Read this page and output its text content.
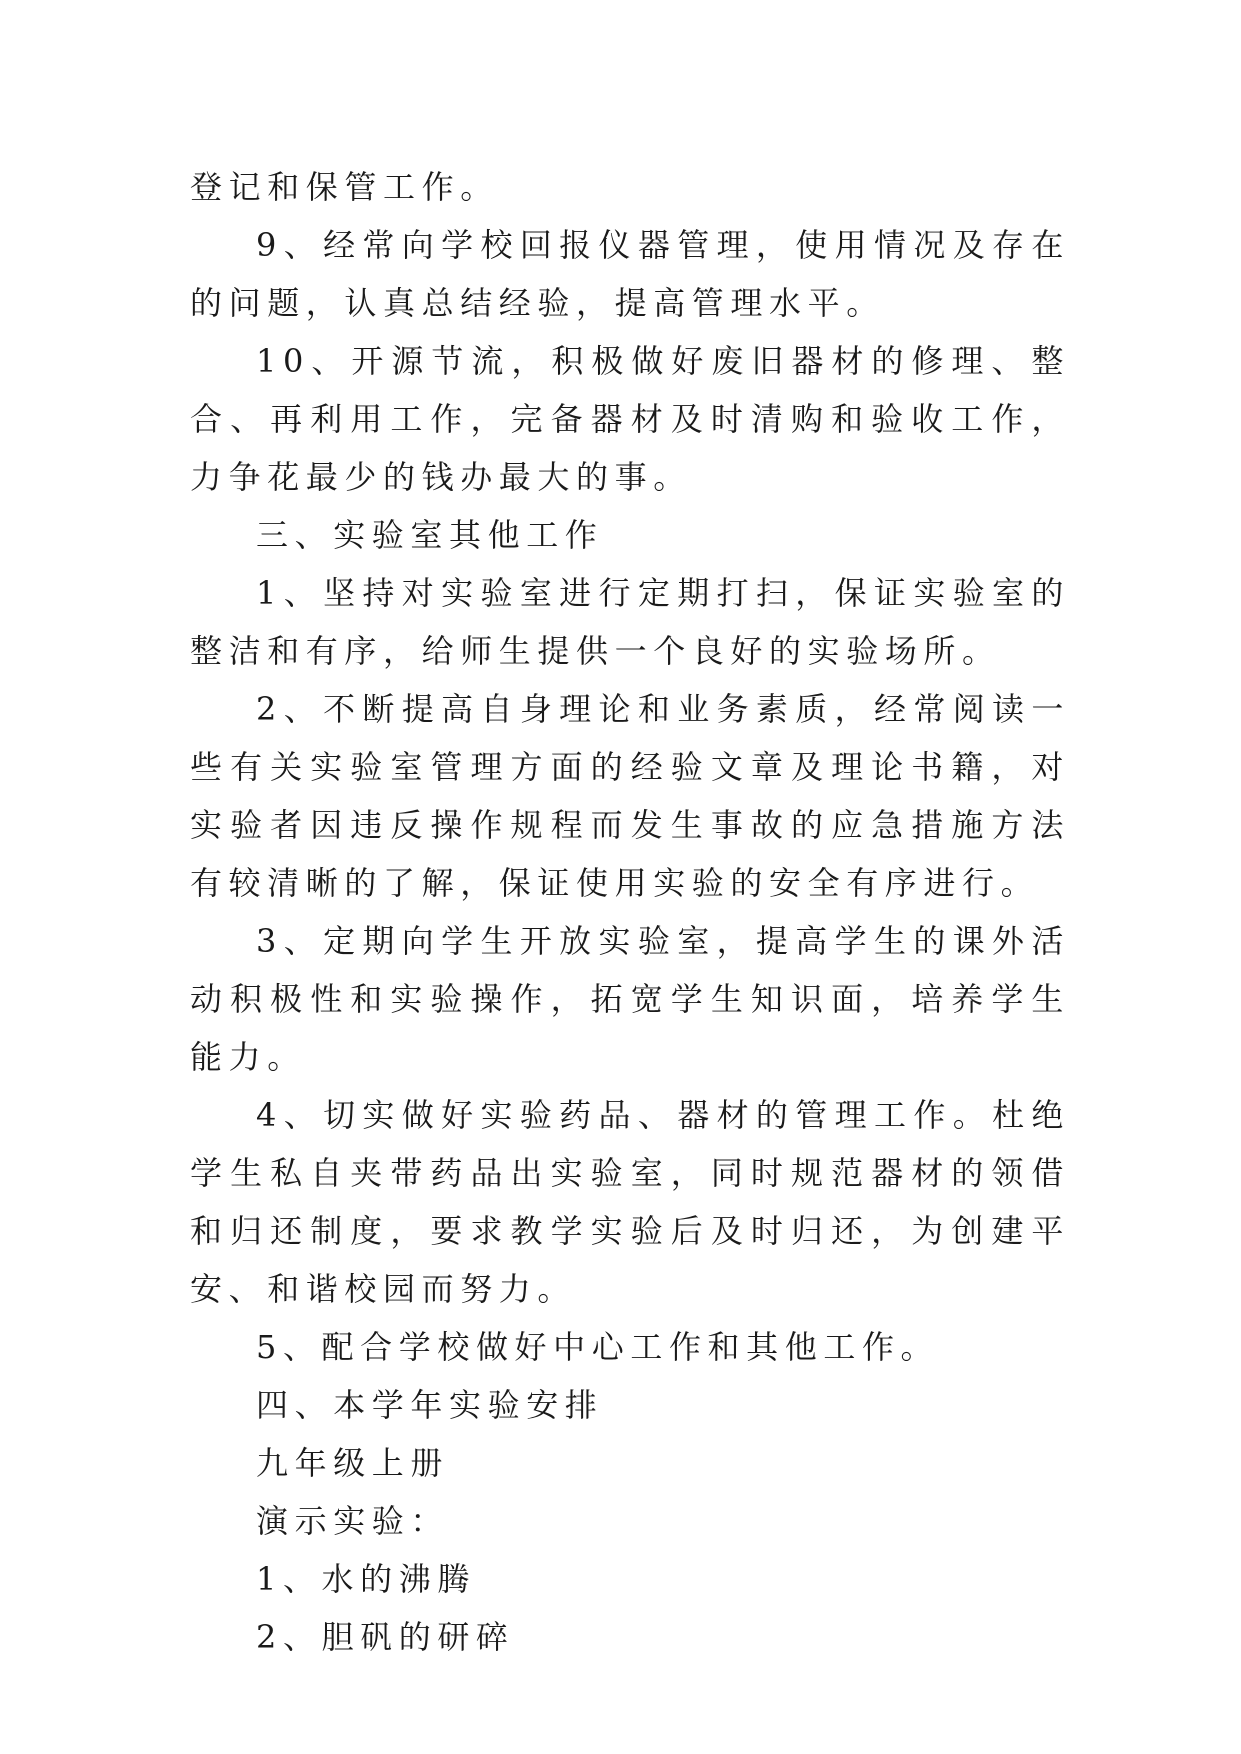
登记和保管工作。

9、经常向学校回报仪器管理，使用情况及存在的问题，认真总结经验，提高管理水平。

10、开源节流，积极做好废旧器材的修理、整合、再利用工作，完备器材及时清购和验收工作，力争花最少的钱办最大的事。

三、实验室其他工作

1、坚持对实验室进行定期打扫，保证实验室的整洁和有序，给师生提供一个良好的实验场所。

2、不断提高自身理论和业务素质，经常阅读一些有关实验室管理方面的经验文章及理论书籍，对实验者因违反操作规程而发生事故的应急措施方法有较清晰的了解，保证使用实验的安全有序进行。

3、定期向学生开放实验室，提高学生的课外活动积极性和实验操作，拓宽学生知识面，培养学生能力。

4、切实做好实验药品、器材的管理工作。杜绝学生私自夹带药品出实验室，同时规范器材的领借和归还制度，要求教学实验后及时归还，为创建平安、和谐校园而努力。

5、配合学校做好中心工作和其他工作。

四、本学年实验安排

九年级上册

演示实验：

1、水的沸腾

2、胆矾的研碎
